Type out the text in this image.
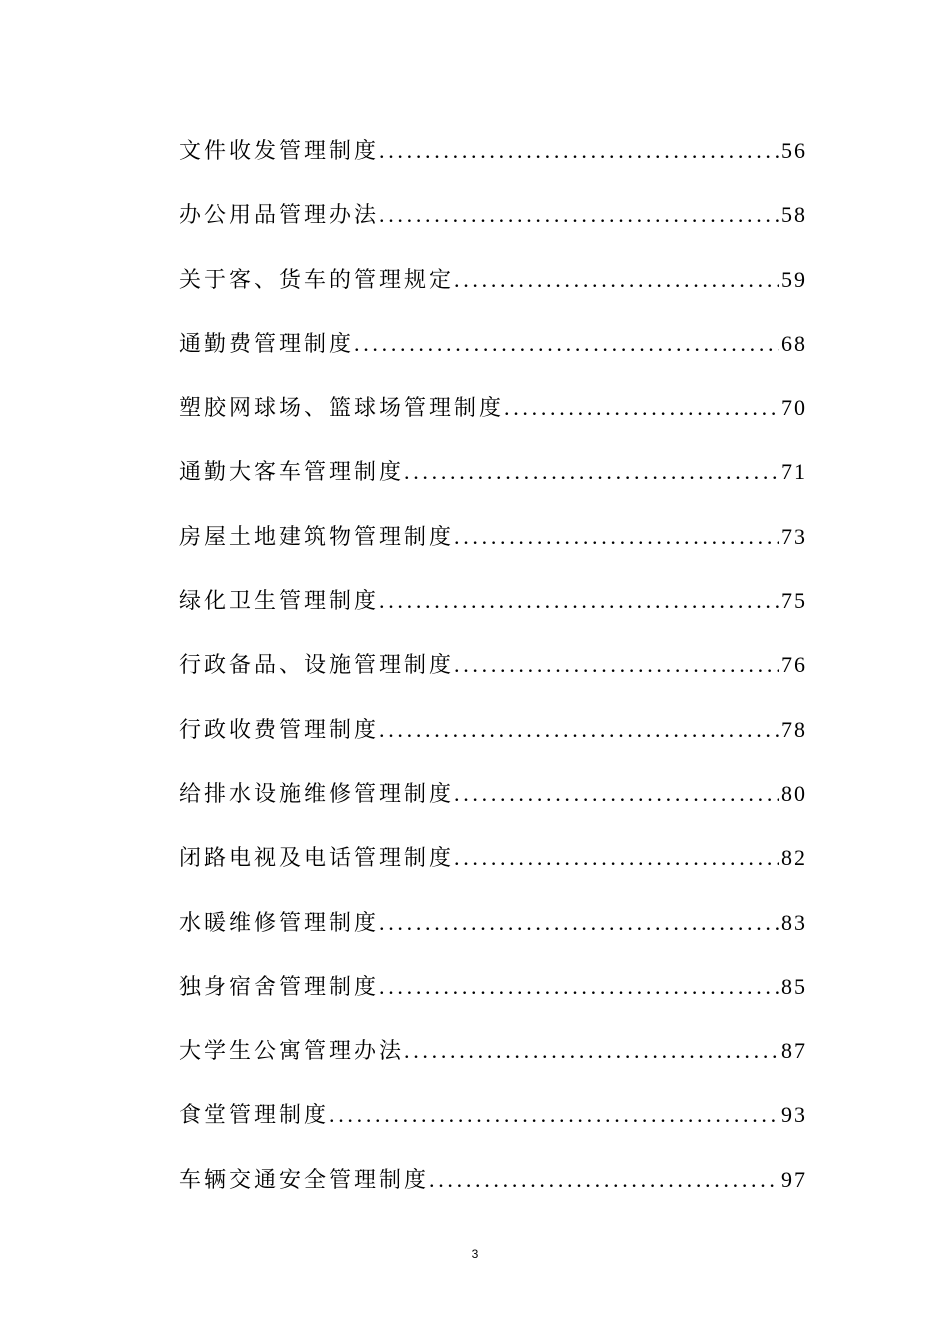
文件收发管理制度 .....	56
办公用品管理办法 .....	58
关于客、货车的管理规定 .....	59
通勤费管理制度 .....	68
塑胶网球场、篮球场管理制度 .....	70
通勤大客车管理制度 .....	71
房屋土地建筑物管理制度 .....	73
绿化卫生管理制度 .....	75
行政备品、设施管理制度 .....	76
行政收费管理制度 .....	78
给排水设施维修管理制度 .....	80
闭路电视及电话管理制度 .....	82
水暖维修管理制度 .....	83
独身宿舍管理制度 .....	85
大学生公寓管理办法 .....	87
食堂管理制度 .....	93
车辆交通安全管理制度 .....	97
3
